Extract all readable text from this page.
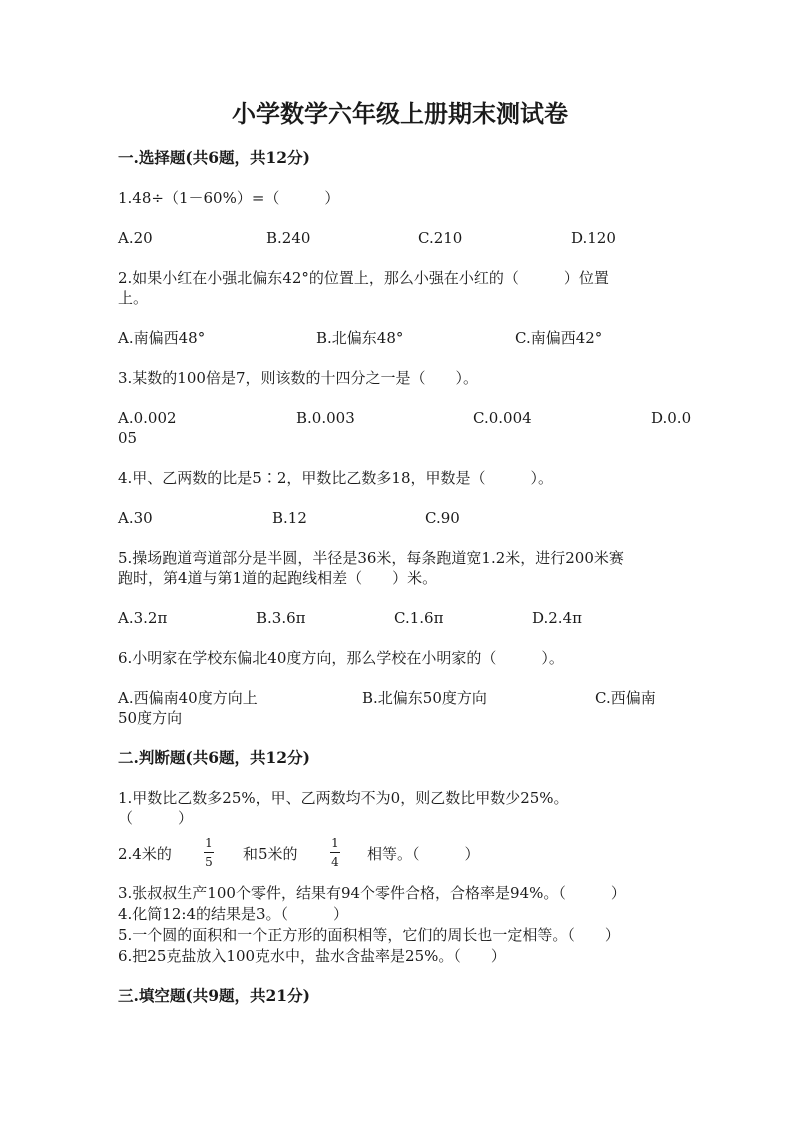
小学数学六年级上册期末测试卷
一.选择题(共6题，共12分)
1.48÷（1－60%）=（　　　）
A.20	B.240	C.210	D.120
2.如果小红在小强北偏东42°的位置上，那么小强在小红的（　　　）位置
上。
A.南偏西48°	B.北偏东48°	C.南偏西42°
3.某数的100倍是7，则该数的十四分之一是（　　）。
A.0.002	B.0.003	C.0.004	D.0.0
05
4.甲、乙两数的比是5∶2，甲数比乙数多18，甲数是（　　　）。
A.30	B.12	C.90
5.操场跑道弯道部分是半圆，半径是36米，每条跑道宽1.2米，进行200米赛
跑时，第4道与第1道的起跑线相差（　　）米。
A.3.2π	B.3.6π	C.1.6π	D.2.4π
6.小明家在学校东偏北40度方向，那么学校在小明家的（　　　）。
A.西偏南40度方向上	B.北偏东50度方向	C.西偏南
50度方向
二.判断题(共6题，共12分)
1.甲数比乙数多25%，甲、乙两数均不为0，则乙数比甲数少25%。
（　　　）
2.4米的
1
5 和5米的
1
4 相等。（　　　）
3.张叔叔生产100个零件，结果有94个零件合格，合格率是94%。（　　　）
4.化简12:4的结果是3。（　　　）
5.一个圆的面积和一个正方形的面积相等，它们的周长也一定相等。（　　）
6.把25克盐放入100克水中，盐水含盐率是25%。（　　）
三.填空题(共9题，共21分)
